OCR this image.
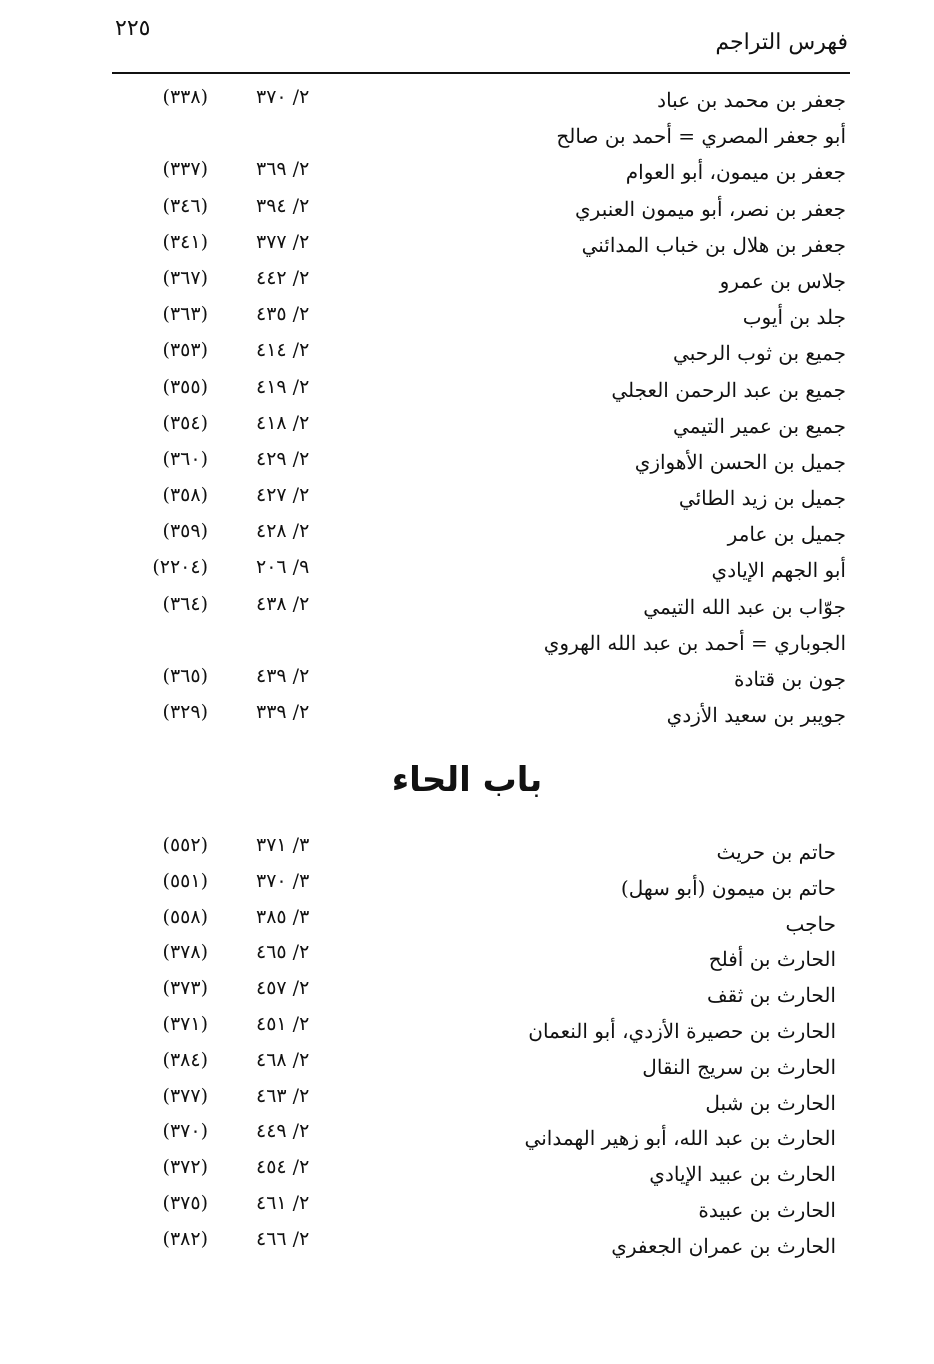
٢٢٥
فهرس التراجم
جعفر بن محمد بن عباد
٢/ ٣٧٠
(٣٣٨)
أبو جعفر المصري = أحمد بن صالح
جعفر بن ميمون، أبو العوام
٢/ ٣٦٩
(٣٣٧)
جعفر بن نصر، أبو ميمون العنبري
٢/ ٣٩٤
(٣٤٦)
جعفر بن هلال بن خباب المدائني
٢/ ٣٧٧
(٣٤١)
جلاس بن عمرو
٢/ ٤٤٢
(٣٦٧)
جلد بن أيوب
٢/ ٤٣٥
(٣٦٣)
جميع بن ثوب الرحبي
٢/ ٤١٤
(٣٥٣)
جميع بن عبد الرحمن العجلي
٢/ ٤١٩
(٣٥٥)
جميع بن عمير التيمي
٢/ ٤١٨
(٣٥٤)
جميل بن الحسن الأهوازي
٢/ ٤٢٩
(٣٦٠)
جميل بن زيد الطائي
٢/ ٤٢٧
(٣٥٨)
جميل بن عامر
٢/ ٤٢٨
(٣٥٩)
أبو الجهم الإيادي
٩/ ٢٠٦
(٢٢٠٤)
جوّاب بن عبد الله التيمي
٢/ ٤٣٨
(٣٦٤)
الجوباري = أحمد بن عبد الله الهروي
جون بن قتادة
٢/ ٤٣٩
(٣٦٥)
جويبر بن سعيد الأزدي
٢/ ٣٣٩
(٣٢٩)
باب الحاء
حاتم بن حريث
٣/ ٣٧١
(٥٥٢)
حاتم بن ميمون (أبو سهل)
٣/ ٣٧٠
(٥٥١)
حاجب
٣/ ٣٨٥
(٥٥٨)
الحارث بن أفلح
٢/ ٤٦٥
(٣٧٨)
الحارث بن ثقف
٢/ ٤٥٧
(٣٧٣)
الحارث بن حصيرة الأزدي، أبو النعمان
٢/ ٤٥١
(٣٧١)
الحارث بن سريج النقال
٢/ ٤٦٨
(٣٨٤)
الحارث بن شبل
٢/ ٤٦٣
(٣٧٧)
الحارث بن عبد الله، أبو زهير الهمداني
٢/ ٤٤٩
(٣٧٠)
الحارث بن عبيد الإيادي
٢/ ٤٥٤
(٣٧٢)
الحارث بن عبيدة
٢/ ٤٦١
(٣٧٥)
الحارث بن عمران الجعفري
٢/ ٤٦٦
(٣٨٢)
